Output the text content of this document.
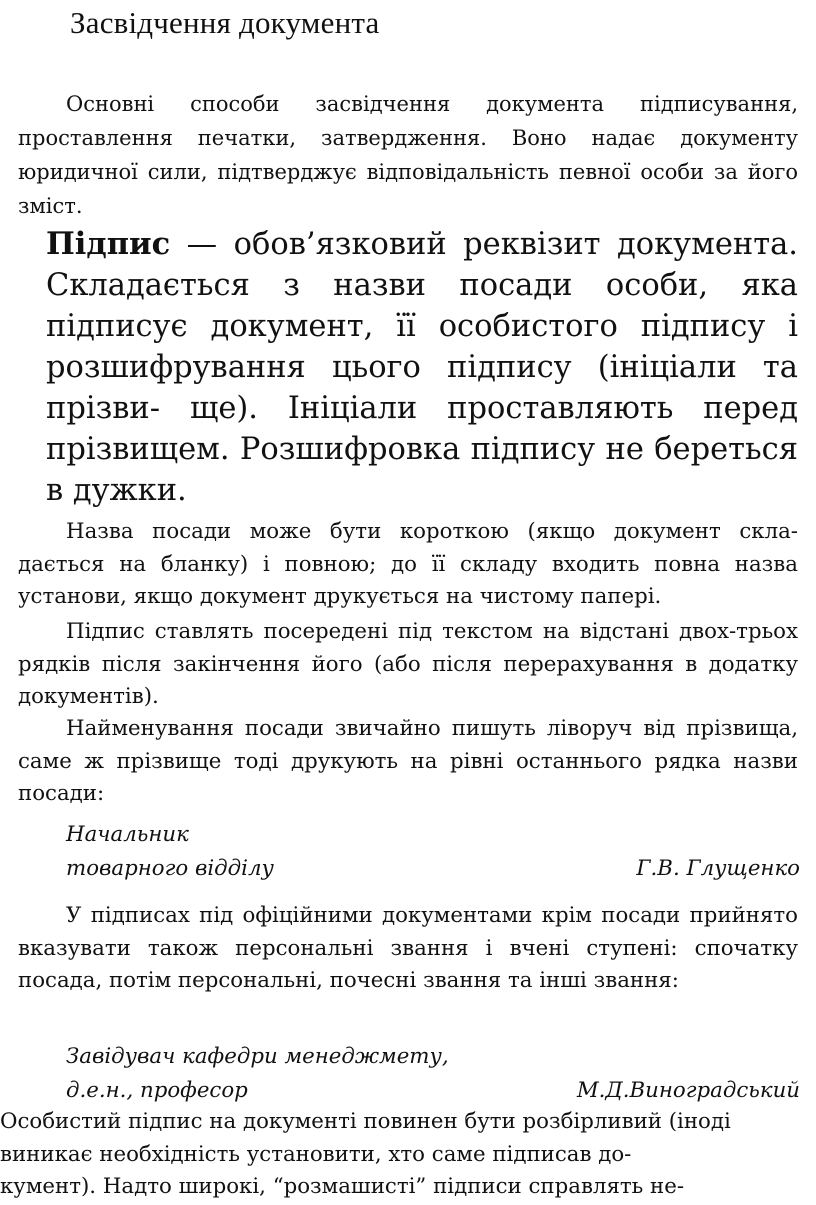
Засвідчення документа
Основні способи засвідчення документа підписування, проставлення печатки, затвердження. Воно надає документу юридичної сили, підтверджує відповідальність певної особи за його зміст.
Підпис — обов’язковий реквізит документа. Складається з назви посади особи, яка підписує документ, її особистого підпису і розшифрування цього підпису (ініціали та прізви- ще). Ініціали проставляють перед прізвищем. Розшифровка підпису не береться в дужки.
Назва посади може бути короткою (якщо документ скла-дається на бланку) і повною; до її складу входить повна назва установи, якщо документ друкується на чистому папері.
Підпис ставлять посередені під текстом на відстані двох-трьох рядків після закінчення його (або після перерахування в додатку документів).
Найменування посади звичайно пишуть ліворуч від прізвища, саме ж прізвище тоді друкують на рівні останнього рядка назви посади:
Начальник
товарного відділу	Г.В. Глущенко
У підписах під офіційними документами крім посади прийнято вказувати також персональні звання і вчені ступені: спочатку посада, потім персональні, почесні звання та інші звання:
Завідувач кафедри менеджмету,
д.е.н., професор	М.Д.Виноградський
Особистий підпис на документі повинен бути розбірливий (іноді
виникає необхідність установити, хто саме підписав до-
кумент). Надто широкі, “розмашисті” підписи справлять не-
